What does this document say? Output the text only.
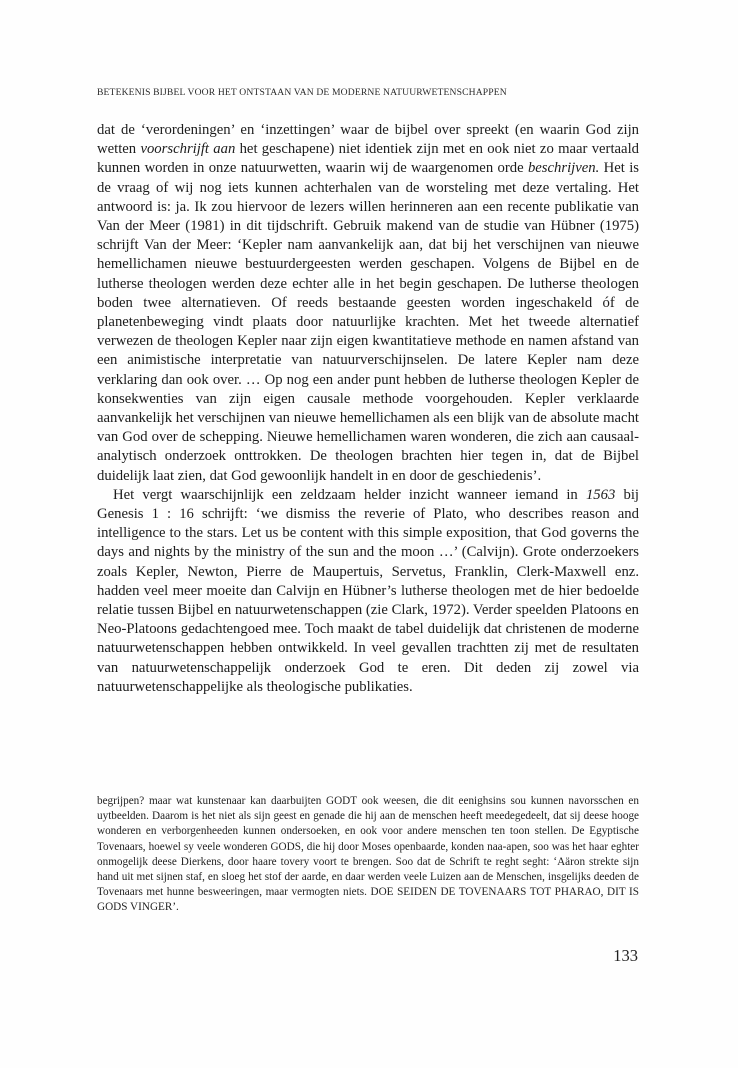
BETEKENIS BIJBEL VOOR HET ONTSTAAN VAN DE MODERNE NATUURWETENSCHAPPEN

dat de ‘verordeningen’ en ‘inzettingen’ waar de bijbel over spreekt (en waarin God zijn wetten voorschrijft aan het geschapene) niet identiek zijn met en ook niet zo maar vertaald kunnen worden in onze natuurwetten, waarin wij de waargenomen orde beschrijven. Het is de vraag of wij nog iets kunnen achterhalen van de worsteling met deze vertaling. Het antwoord is: ja. Ik zou hiervoor de lezers willen herinneren aan een recente publikatie van Van der Meer (1981) in dit tijdschrift. Gebruik makend van de studie van Hübner (1975) schrijft Van der Meer: ‘Kepler nam aanvankelijk aan, dat bij het verschijnen van nieuwe hemellichamen nieuwe bestuurdergeesten werden geschapen. Volgens de Bijbel en de lutherse theologen werden deze echter alle in het begin geschapen. De lutherse theologen boden twee alternatieven. Of reeds bestaande geesten worden ingeschakeld óf de planetenbeweging vindt plaats door natuurlijke krachten. Met het tweede alternatief verwezen de theologen Kepler naar zijn eigen kwantitatieve methode en namen afstand van een animistische interpretatie van natuurverschijnselen. De latere Kepler nam deze verklaring dan ook over. … Op nog een ander punt hebben de lutherse theologen Kepler de konsekwenties van zijn eigen causale methode voorgehouden. Kepler verklaarde aanvankelijk het verschijnen van nieuwe hemellichamen als een blijk van de absolute macht van God over de schepping. Nieuwe hemellichamen waren wonderen, die zich aan causaal-analytisch onderzoek onttrokken. De theologen brachten hier tegen in, dat de Bijbel duidelijk laat zien, dat God gewoonlijk handelt in en door de geschiedenis’.

Het vergt waarschijnlijk een zeldzaam helder inzicht wanneer iemand in 1563 bij Genesis 1 : 16 schrijft: ‘we dismiss the reverie of Plato, who describes reason and intelligence to the stars. Let us be content with this simple exposition, that God governs the days and nights by the ministry of the sun and the moon …’ (Calvijn). Grote onderzoekers zoals Kepler, Newton, Pierre de Maupertuis, Servetus, Franklin, Clerk-Maxwell enz. hadden veel meer moeite dan Calvijn en Hübner’s lutherse theologen met de hier bedoelde relatie tussen Bijbel en natuurwetenschappen (zie Clark, 1972). Verder speelden Platoons en Neo-Platoons gedachtengoed mee. Toch maakt de tabel duidelijk dat christenen de moderne natuurwetenschappen hebben ontwikkeld. In veel gevallen trachtten zij met de resultaten van natuurwetenschappelijk onderzoek God te eren. Dit deden zij zowel via natuurwetenschappelijke als theologische publikaties.

begrijpen? maar wat kunstenaar kan daarbuijten GODT ook weesen, die dit eenighsins sou kunnen navorsschen en uytbeelden. Daarom is het niet als sijn geest en genade die hij aan de menschen heeft meedegedeelt, dat sij deese hooge wonderen en verborgenheeden kunnen ondersoeken, en ook voor andere menschen ten toon stellen. De Egyptische Tovenaars, hoewel sy veele wonderen GODS, die hij door Moses openbaarde, konden naa-apen, soo was het haar eghter onmogelijk deese Dierkens, door haare tovery voort te brengen. Soo dat de Schrift te reght seght: ‘Aäron strekte sijn hand uit met sijnen staf, en sloeg het stof der aarde, en daar werden veele Luizen aan de Menschen, insgelijks deeden de Tovenaars met hunne besweeringen, maar vermogten niets. DOE SEIDEN DE TOVENAARS TOT PHARAO, DIT IS GODS VINGER’.
133
